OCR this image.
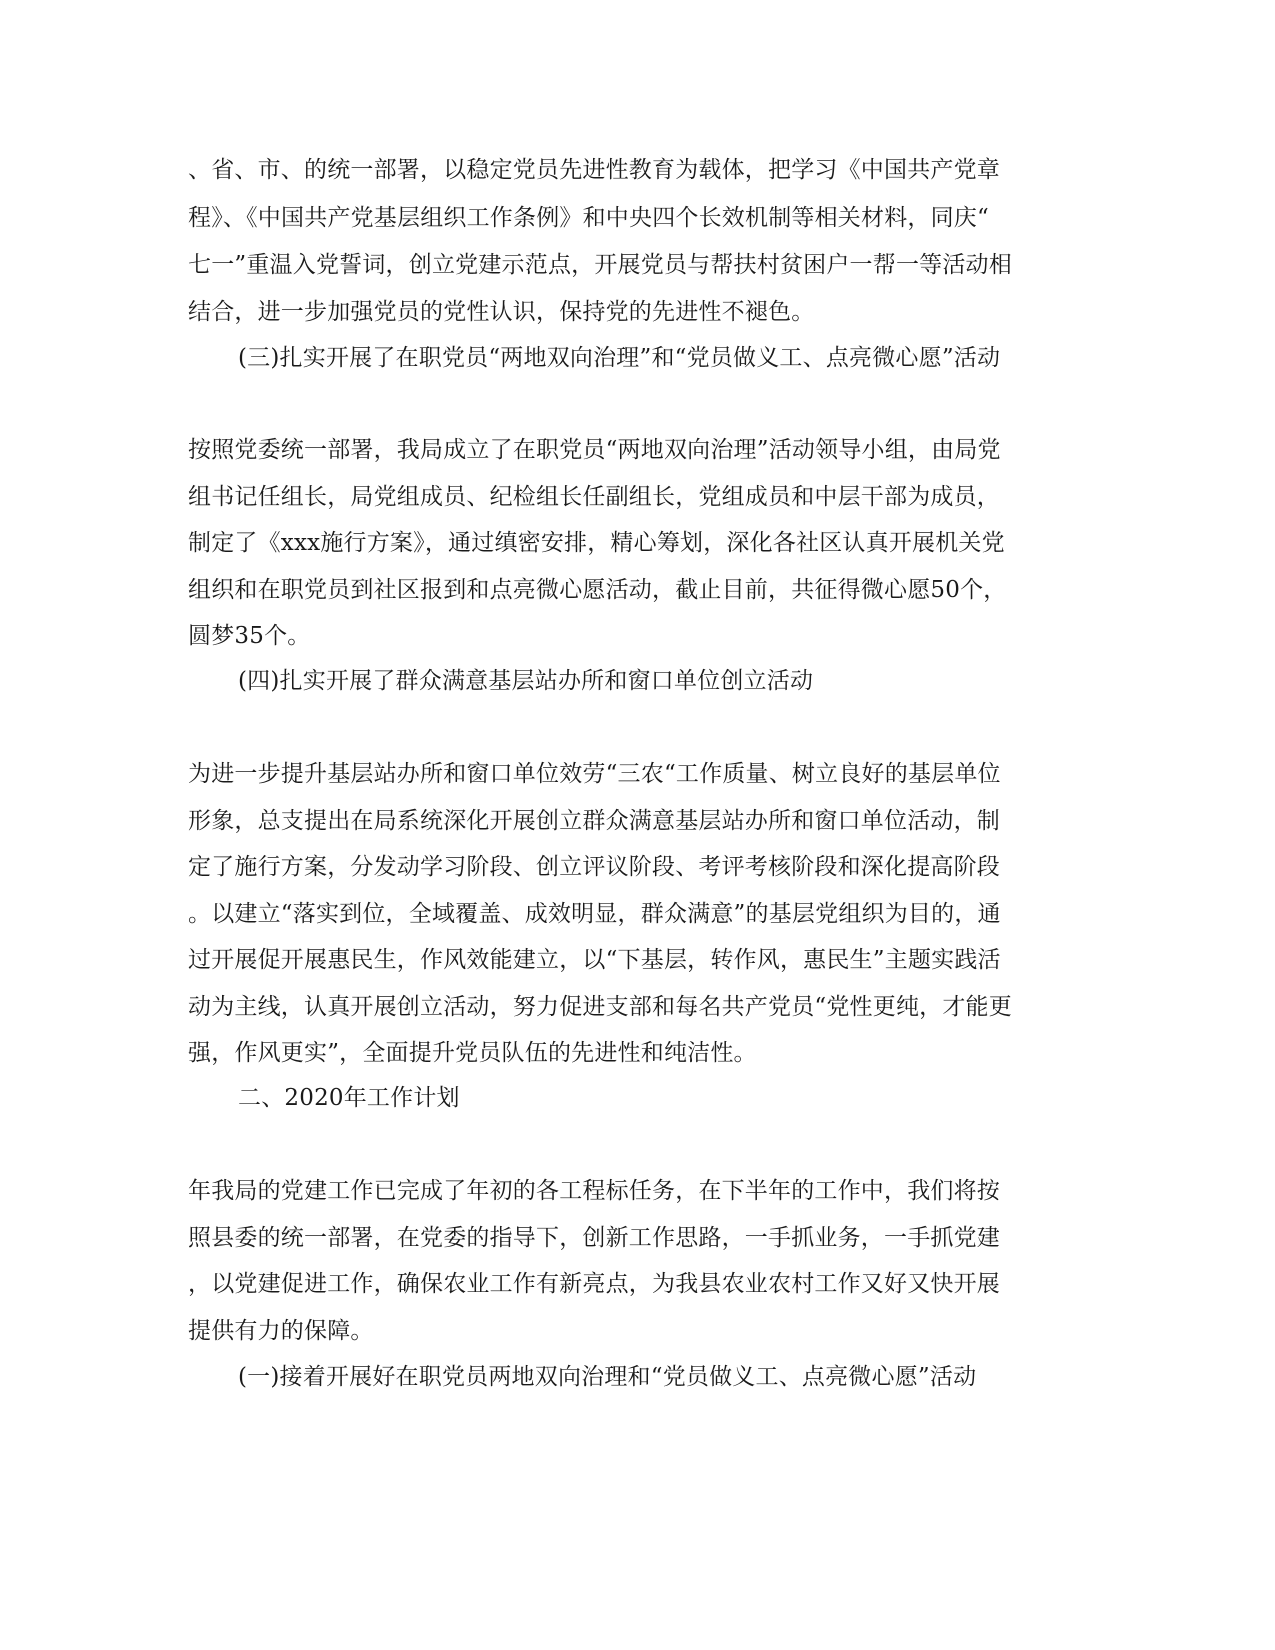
、省、市、的统一部署，以稳定党员先进性教育为载体，把学习《中国共产党章
程》、《中国共产党基层组织工作条例》和中央四个长效机制等相关材料，同庆“
七一”重温入党誓词，创立党建示范点，开展党员与帮扶村贫困户一帮一等活动相
结合，进一步加强党员的党性认识，保持党的先进性不褪色。
(三)扎实开展了在职党员“两地双向治理”和“党员做义工、点亮微心愿”活动
按照党委统一部署，我局成立了在职党员“两地双向治理”活动领导小组，由局党
组书记任组长，局党组成员、纪检组长任副组长，党组成员和中层干部为成员，
制定了《xxx施行方案》，通过缜密安排，精心筹划，深化各社区认真开展机关党
组织和在职党员到社区报到和点亮微心愿活动，截止目前，共征得微心愿50个，
圆梦35个。
(四)扎实开展了群众满意基层站办所和窗口单位创立活动
为进一步提升基层站办所和窗口单位效劳“三农“工作质量、树立良好的基层单位
形象，总支提出在局系统深化开展创立群众满意基层站办所和窗口单位活动，制
定了施行方案，分发动学习阶段、创立评议阶段、考评考核阶段和深化提高阶段
。以建立“落实到位，全域覆盖、成效明显，群众满意”的基层党组织为目的，通
过开展促开展惠民生，作风效能建立，以“下基层，转作风，惠民生”主题实践活
动为主线，认真开展创立活动，努力促进支部和每名共产党员“党性更纯，才能更
强，作风更实”，全面提升党员队伍的先进性和纯洁性。
二、2020年工作计划
年我局的党建工作已完成了年初的各工程标任务，在下半年的工作中，我们将按
照县委的统一部署，在党委的指导下，创新工作思路，一手抓业务，一手抓党建
，以党建促进工作，确保农业工作有新亮点，为我县农业农村工作又好又快开展
提供有力的保障。
(一)接着开展好在职党员两地双向治理和“党员做义工、点亮微心愿”活动
